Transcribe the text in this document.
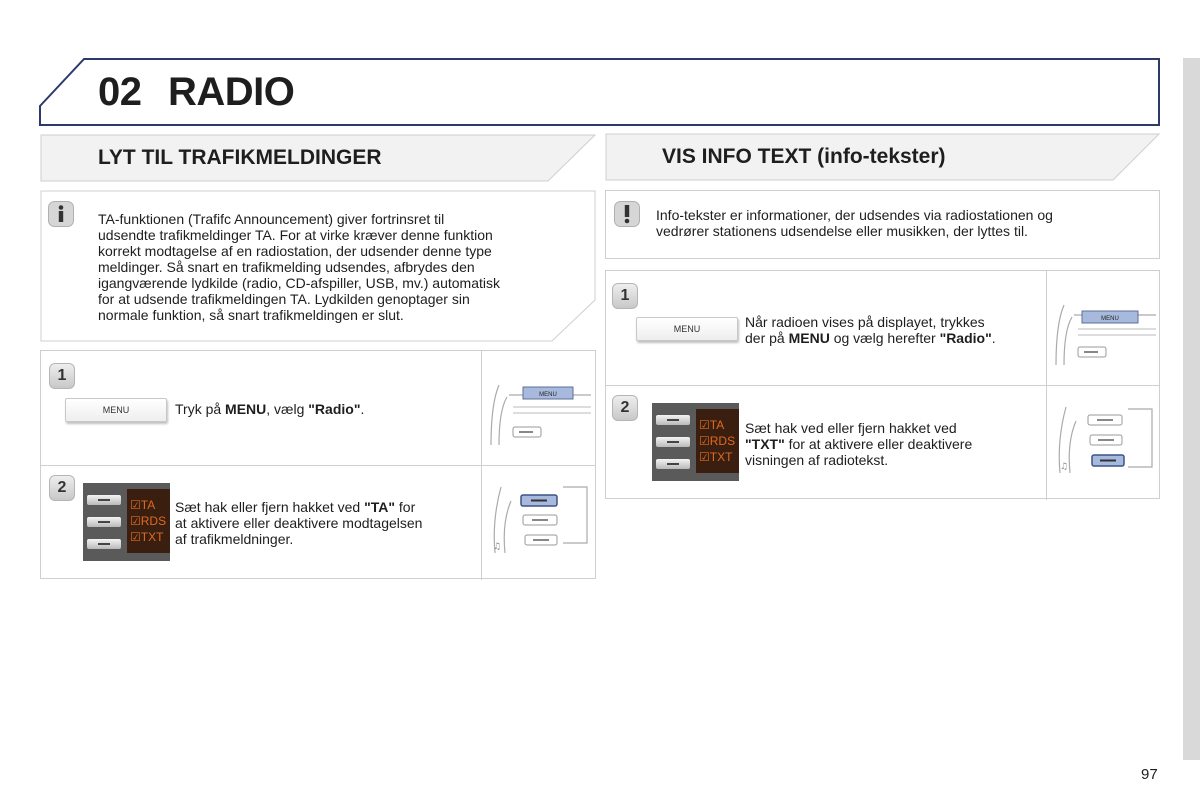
02 RADIO
LYT TIL TRAFIKMELDINGER
TA-funktionen (Trafifc Announcement) giver fortrinsret til
udsendte trafikmeldinger TA. For at virke kræver denne funktion
korrekt modtagelse af en radiostation, der udsender denne type
meldinger. Så snart en trafikmelding udsendes, afbrydes den
igangværende lydkilde (radio, CD-afspiller, USB, mv.) automatisk
for at udsende trafikmeldingen TA. Lydkilden genoptager sin
normale funktion, så snart trafikmeldingen er slut.
1
MENU	Tryk på MENU, vælg "Radio".
MENU
2
☑TA
☑RDS
☑TXT
Sæt hak eller fjern hakket ved "TA" for
at aktivere eller deaktivere modtagelsen
af trafikmeldninger.	♫
VIS INFO TEXT (info-tekster)
Info-tekster er informationer, der udsendes via radiostationen og
vedrører stationens udsendelse eller musikken, der lyttes til.
1
MENU	Når radioen vises på displayet, trykkes
der på MENU og vælg herefter "Radio".
MENU
2
☑TA
☑RDS
☑TXT
Sæt hak ved eller fjern hakket ved
"TXT" for at aktivere eller deaktivere
visningen af radiotekst.	♫
97
